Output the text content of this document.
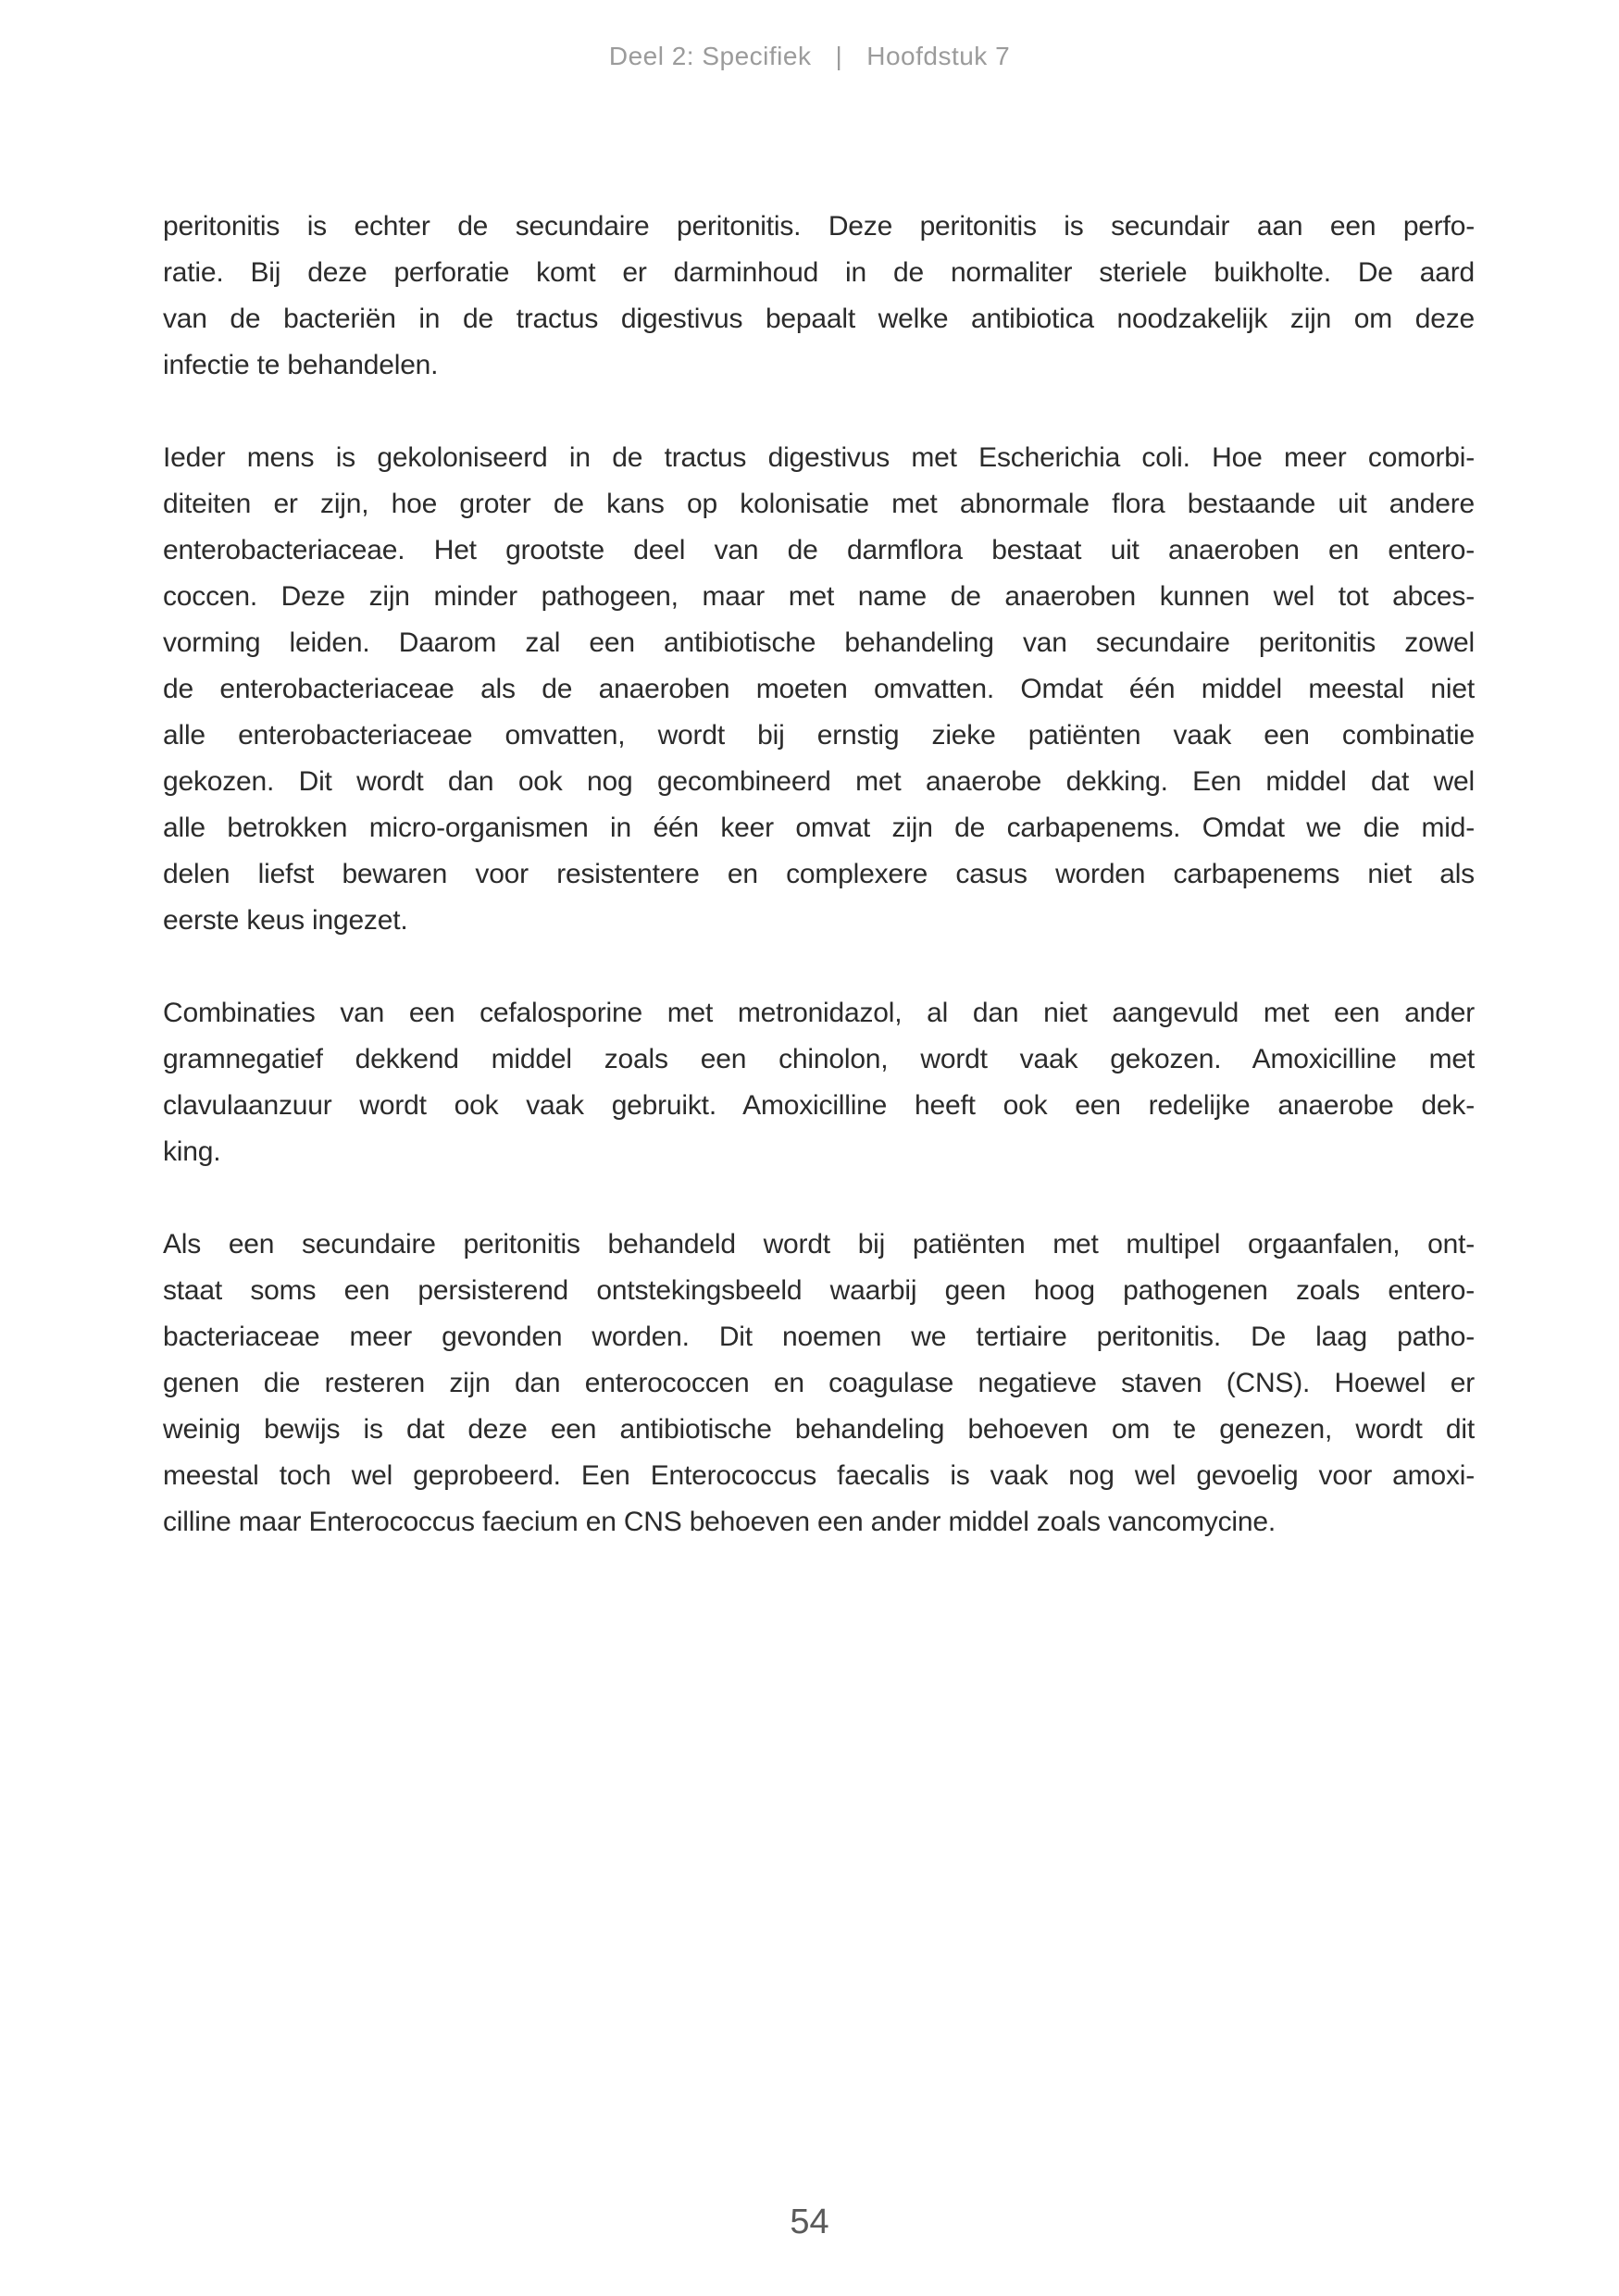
Deel 2: Specifiek | Hoofdstuk 7
peritonitis is echter de secundaire peritonitis. Deze peritonitis is secundair aan een perfo-
ratie. Bij deze perforatie komt er darminhoud in de normaliter steriele buikholte. De aard
van de bacteriën in de tractus digestivus bepaalt welke antibiotica noodzakelijk zijn om deze
infectie te behandelen.
Ieder mens is gekoloniseerd in de tractus digestivus met Escherichia coli. Hoe meer comorbi-
diteiten er zijn, hoe groter de kans op kolonisatie met abnormale flora bestaande uit andere
enterobacteriaceae. Het grootste deel van de darmflora bestaat uit anaeroben en entero-
coccen. Deze zijn minder pathogeen, maar met name de anaeroben kunnen wel tot abces-
vorming leiden. Daarom zal een antibiotische behandeling van secundaire peritonitis zowel
de enterobacteriaceae als de anaeroben moeten omvatten. Omdat één middel meestal niet
alle enterobacteriaceae omvatten, wordt bij ernstig zieke patiënten vaak een combinatie
gekozen. Dit wordt dan ook nog gecombineerd met anaerobe dekking. Een middel dat wel
alle betrokken micro-organismen in één keer omvat zijn de carbapenems. Omdat we die mid-
delen liefst bewaren voor resistentere en complexere casus worden carbapenems niet als
eerste keus ingezet.
Combinaties van een cefalosporine met metronidazol, al dan niet aangevuld met een ander
gramnegatief dekkend middel zoals een chinolon, wordt vaak gekozen. Amoxicilline met
clavulaanzuur wordt ook vaak gebruikt. Amoxicilline heeft ook een redelijke anaerobe dek-
king.
Als een secundaire peritonitis behandeld wordt bij patiënten met multipel orgaanfalen, ont-
staat soms een persisterend ontstekingsbeeld waarbij geen hoog pathogenen zoals entero-
bacteriaceae meer gevonden worden. Dit noemen we tertiaire peritonitis. De laag patho-
genen die resteren zijn dan enterococcen en coagulase negatieve staven (CNS). Hoewel er
weinig bewijs is dat deze een antibiotische behandeling behoeven om te genezen, wordt dit
meestal toch wel geprobeerd. Een Enterococcus faecalis is vaak nog wel gevoelig voor amoxi-
cilline maar Enterococcus faecium en CNS behoeven een ander middel zoals vancomycine.
54
